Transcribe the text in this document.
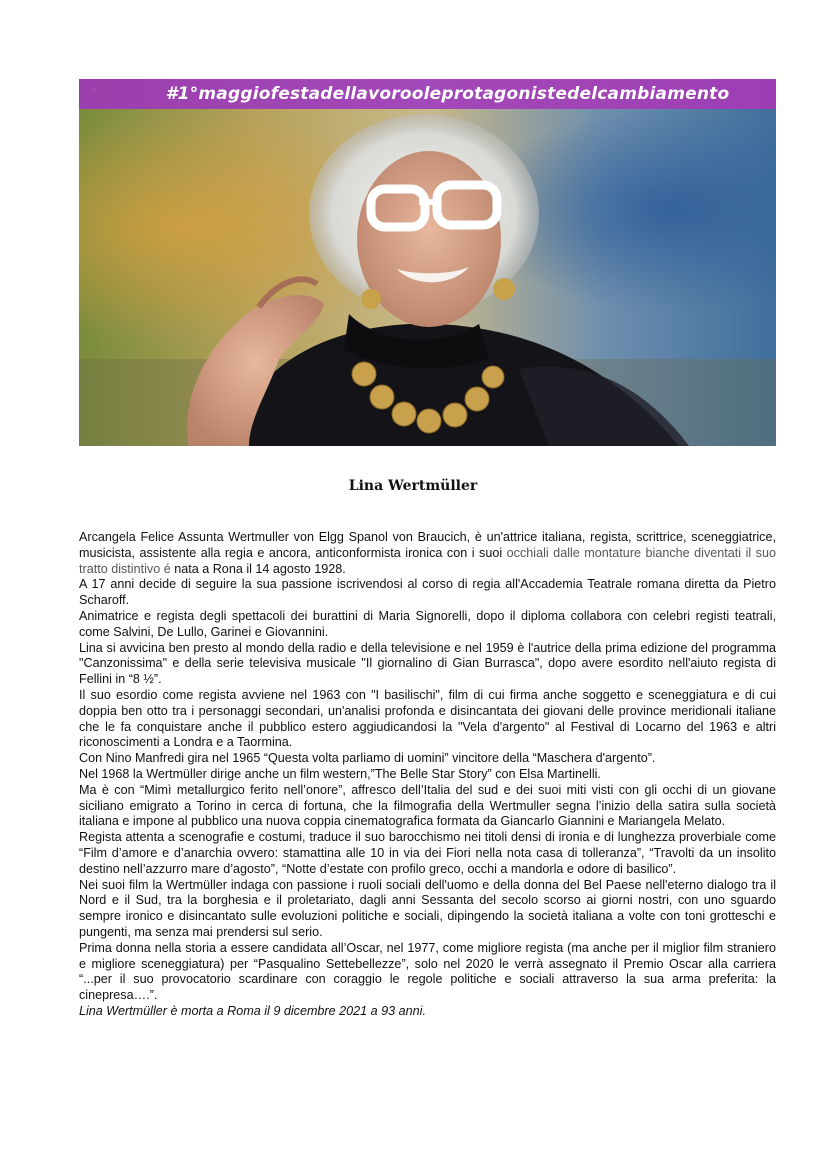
·	#1°maggiofestadellavorooleprotagonistedelcambiamento
Lina Wertmüller

Arcangela Felice Assunta Wertmuller von Elgg Spanol von Braucich, è un'attrice italiana, regista, scrittrice, sceneggiatrice, musicista, assistente alla regia e ancora, anticonformista ironica con i suoi occhiali dalle montature bianche diventati il suo tratto distintivo é nata a Rona il 14 agosto 1928.

A 17 anni decide di seguire la sua passione iscrivendosi al corso di regia all'Accademia Teatrale romana diretta da Pietro Scharoff.

Animatrice e regista degli spettacoli dei burattini di Maria Signorelli, dopo il diploma collabora con celebri registi teatrali, come Salvini, De Lullo, Garinei e Giovannini.

Lina si avvicina ben presto al mondo della radio e della televisione e nel 1959 è l'autrice della prima edizione del programma "Canzonissima" e della serie televisiva musicale "Il giornalino di Gian Burrasca", dopo avere esordito nell'aiuto regista di Fellini in “8 ½”.

Il suo esordio come regista avviene nel 1963 con "I basilischi", film di cui firma anche soggetto e sceneggiatura e di cui doppia ben otto tra i personaggi secondari, un'analisi profonda e disincantata dei giovani delle province meridionali italiane che le fa conquistare anche il pubblico estero aggiudicandosi la "Vela d'argento" al Festival di Locarno del 1963 e altri riconoscimenti a Londra e a Taormina.

Con Nino Manfredi gira nel 1965 “Questa volta parliamo di uomini” vincitore della “Maschera d'argento”.

Nel 1968 la Wertmüller dirige anche un film western,”The Belle Star Story” con Elsa Martinelli.

Ma è con “Mimì metallurgico ferito nell’onore”, affresco dell’Italia del sud e dei suoi miti visti con gli occhi di un giovane siciliano emigrato a Torino in cerca di fortuna, che la filmografia della Wertmuller segna l’inizio della satira sulla società italiana e impone al pubblico una nuova coppia cinematografica formata da Giancarlo Giannini e Mariangela Melato.

Regista attenta a scenografie e costumi, traduce il suo barocchismo nei titoli densi di ironia e di lunghezza proverbiale come “Film d’amore e d’anarchia ovvero: stamattina alle 10 in via dei Fiori nella nota casa di tolleranza”, “Travolti da un insolito destino nell’azzurro mare d’agosto”, “Notte d’estate con profilo greco, occhi a mandorla e odore di basilico”.

Nei suoi film la Wertmüller indaga con passione i ruoli sociali dell'uomo e della donna del Bel Paese nell'eterno dialogo tra il Nord e il Sud, tra la borghesia e il proletariato, dagli anni Sessanta del secolo scorso ai giorni nostri, con uno sguardo sempre ironico e disincantato sulle evoluzioni politiche e sociali, dipingendo la società italiana a volte con toni grotteschi e pungenti, ma senza mai prendersi sul serio.

Prima donna nella storia a essere candidata all’Oscar, nel 1977, come migliore regista (ma anche per il miglior film straniero e migliore sceneggiatura) per “Pasqualino Settebellezze”, solo nel 2020 le verrà assegnato il Premio Oscar alla carriera “...per il suo provocatorio scardinare con coraggio le regole politiche e sociali attraverso la sua arma preferita: la cinepresa….”.

Lina Wertmüller è morta a Roma il 9 dicembre 2021 a 93 anni.
